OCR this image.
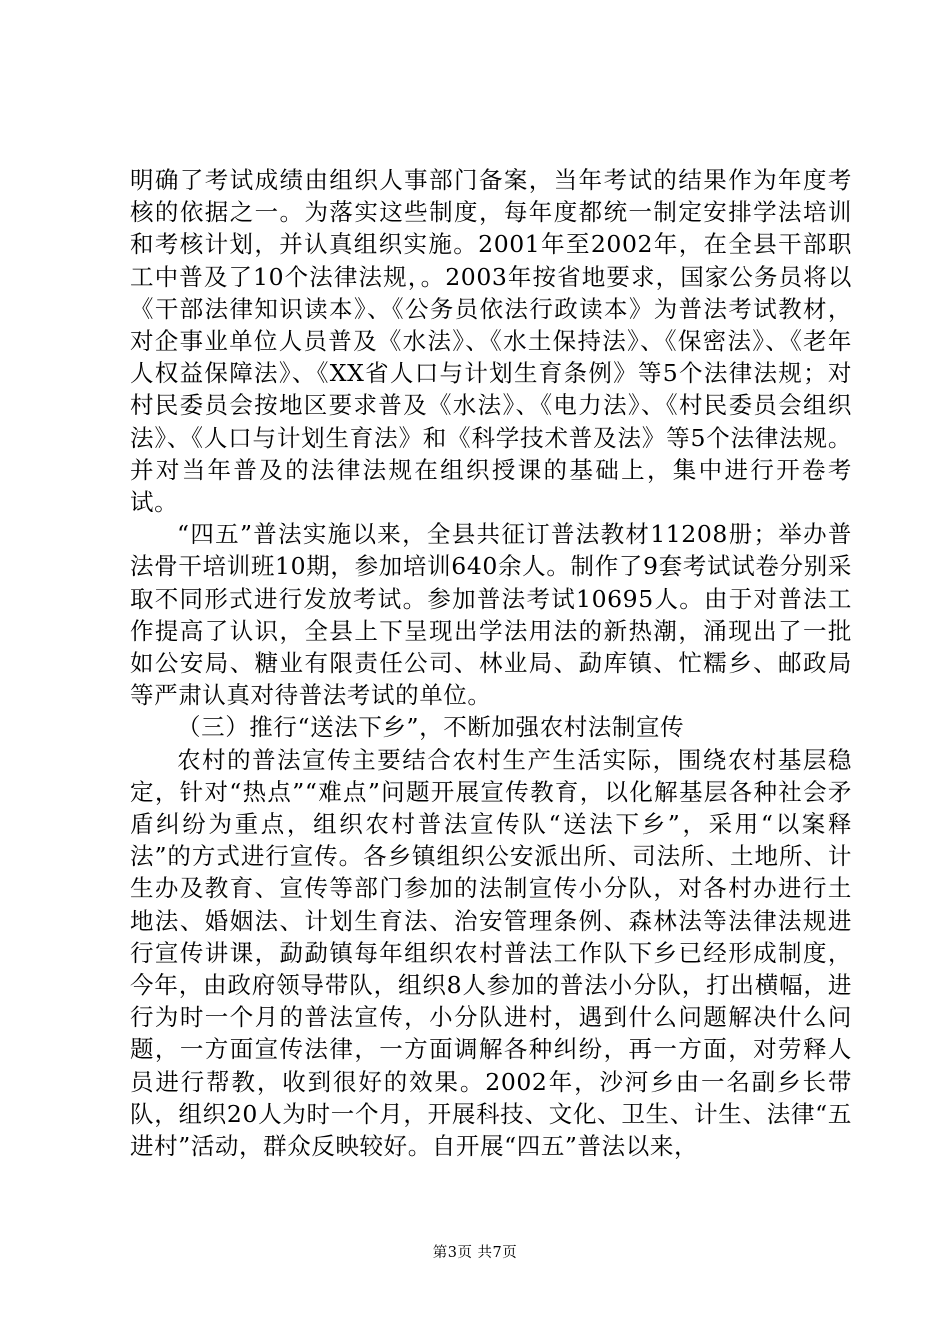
明确了考试成绩由组织人事部门备案，当年考试的结果作为年度考核的依据之一。为落实这些制度，每年度都统一制定安排学法培训和考核计划，并认真组织实施。2001年至2002年，在全县干部职工中普及了10个法律法规，。2003年按省地要求，国家公务员将以《干部法律知识读本》、《公务员依法行政读本》为普法考试教材，对企事业单位人员普及《水法》、《水土保持法》、《保密法》、《老年人权益保障法》、《XX省人口与计划生育条例》等5个法律法规；对村民委员会按地区要求普及《水法》、《电力法》、《村民委员会组织法》、《人口与计划生育法》和《科学技术普及法》等5个法律法规。并对当年普及的法律法规在组织授课的基础上，集中进行开卷考试。

“四五”普法实施以来，全县共征订普法教材11208册；举办普法骨干培训班10期，参加培训640余人。制作了9套考试试卷分别采取不同形式进行发放考试。参加普法考试10695人。由于对普法工作提高了认识，全县上下呈现出学法用法的新热潮，涌现出了一批如公安局、糖业有限责任公司、林业局、勐库镇、忙糯乡、邮政局等严肃认真对待普法考试的单位。

（三）推行“送法下乡”，不断加强农村法制宣传

农村的普法宣传主要结合农村生产生活实际，围绕农村基层稳定，针对“热点”“难点”问题开展宣传教育，以化解基层各种社会矛盾纠纷为重点，组织农村普法宣传队“送法下乡”，采用“以案释法”的方式进行宣传。各乡镇组织公安派出所、司法所、土地所、计生办及教育、宣传等部门参加的法制宣传小分队，对各村办进行土地法、婚姻法、计划生育法、治安管理条例、森林法等法律法规进行宣传讲课，勐勐镇每年组织农村普法工作队下乡已经形成制度，今年，由政府领导带队，组织8人参加的普法小分队，打出横幅，进行为时一个月的普法宣传，小分队进村，遇到什么问题解决什么问题，一方面宣传法律，一方面调解各种纠纷，再一方面，对劳释人员进行帮教，收到很好的效果。2002年，沙河乡由一名副乡长带队，组织20人为时一个月，开展科技、文化、卫生、计生、法律“五进村”活动，群众反映较好。自开展“四五”普法以来，

第3页 共7页
